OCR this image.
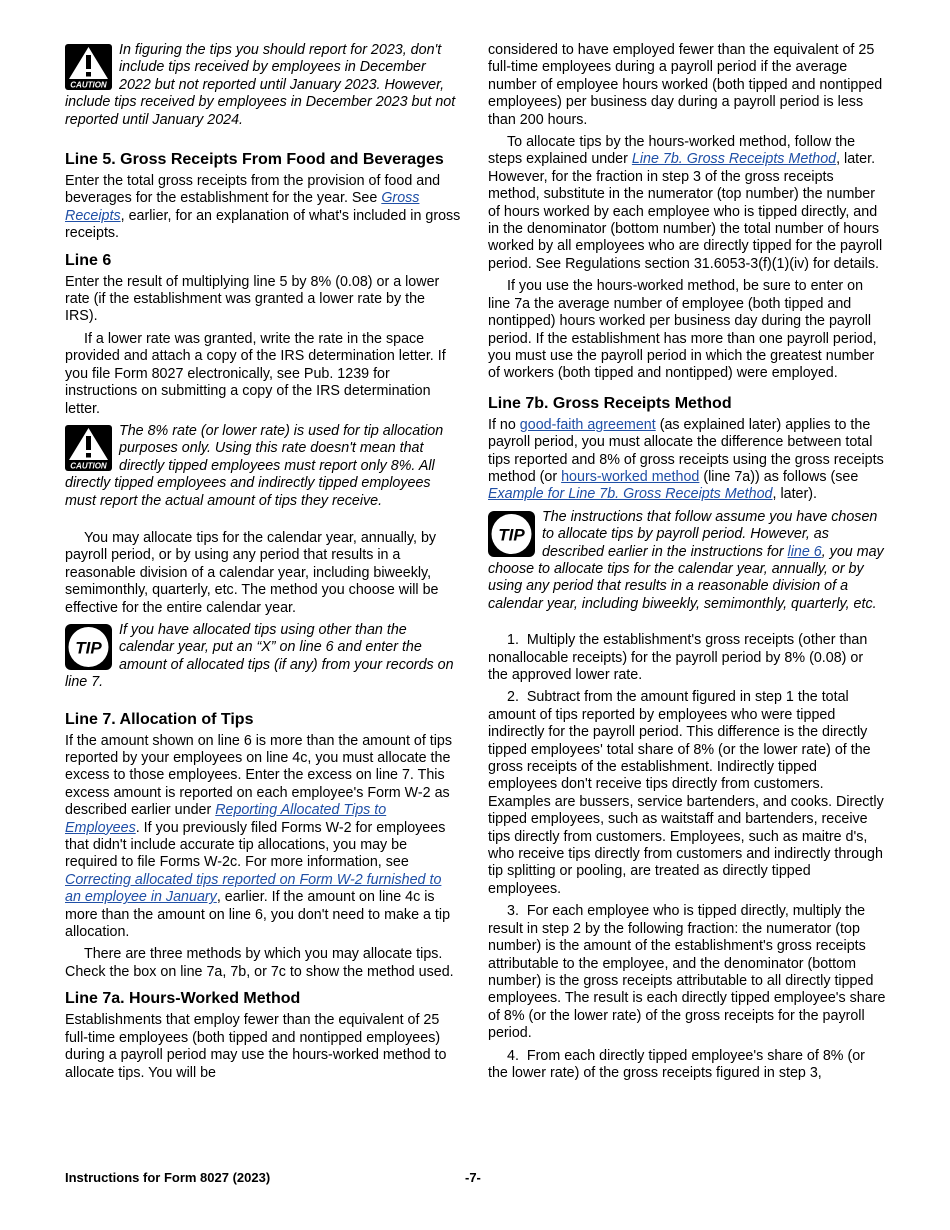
CAUTION
In figuring the tips you should report for 2023, don't include tips received by employees in December 2022 but not reported until January 2023. However, include tips received by employees in December 2023 but not reported until January 2024.
Line 5. Gross Receipts From Food and Beverages

Enter the total gross receipts from the provision of food and beverages for the establishment for the year. See Gross Receipts, earlier, for an explanation of what's included in gross receipts.

Line 6

Enter the result of multiplying line 5 by 8% (0.08) or a lower rate (if the establishment was granted a lower rate by the IRS).

If a lower rate was granted, write the rate in the space provided and attach a copy of the IRS determination letter. If you file Form 8027 electronically, see Pub. 1239 for instructions on submitting a copy of the IRS determination letter.

CAUTION
The 8% rate (or lower rate) is used for tip allocation purposes only. Using this rate doesn't mean that directly tipped employees must report only 8%. All directly tipped employees and indirectly tipped employees must report the actual amount of tips they receive.

You may allocate tips for the calendar year, annually, by payroll period, or by using any period that results in a reasonable division of a calendar year, including biweekly, semimonthly, quarterly, etc. The method you choose will be effective for the entire calendar year.

TIP
If you have allocated tips using other than the calendar year, put an “X” on line 6 and enter the amount of allocated tips (if any) from your records on line 7.
Line 7. Allocation of Tips

If the amount shown on line 6 is more than the amount of tips reported by your employees on line 4c, you must allocate the excess to those employees. Enter the excess on line 7. This excess amount is reported on each employee's Form W-2 as described earlier under Reporting Allocated Tips to Employees. If you previously filed Forms W-2 for employees that didn't include accurate tip allocations, you may be required to file Forms W-2c. For more information, see Correcting allocated tips reported on Form W-2 furnished to an employee in January, earlier. If the amount on line 4c is more than the amount on line 6, you don't need to make a tip allocation.

There are three methods by which you may allocate tips. Check the box on line 7a, 7b, or 7c to show the method used.

Line 7a. Hours-Worked Method

Establishments that employ fewer than the equivalent of 25 full-time employees (both tipped and nontipped employees) during a payroll period may use the hours-worked method to allocate tips. You will be

considered to have employed fewer than the equivalent of 25 full-time employees during a payroll period if the average number of employee hours worked (both tipped and nontipped employees) per business day during a payroll period is less than 200 hours.

To allocate tips by the hours-worked method, follow the steps explained under Line 7b. Gross Receipts Method, later. However, for the fraction in step 3 of the gross receipts method, substitute in the numerator (top number) the number of hours worked by each employee who is tipped directly, and in the denominator (bottom number) the total number of hours worked by all employees who are directly tipped for the payroll period. See Regulations section 31.6053-3(f)(1)(iv) for details.

If you use the hours-worked method, be sure to enter on line 7a the average number of employee (both tipped and nontipped) hours worked per business day during the payroll period. If the establishment has more than one payroll period, you must use the payroll period in which the greatest number of workers (both tipped and nontipped) were employed.

Line 7b. Gross Receipts Method

If no good-faith agreement (as explained later) applies to the payroll period, you must allocate the difference between total tips reported and 8% of gross receipts using the gross receipts method (or hours-worked method (line 7a)) as follows (see Example for Line 7b. Gross Receipts Method, later).

TIP
The instructions that follow assume you have chosen to allocate tips by payroll period. However, as described earlier in the instructions for line 6, you may choose to allocate tips for the calendar year, annually, or by using any period that results in a reasonable division of a calendar year, including biweekly, semimonthly, quarterly, etc.
1.  Multiply the establishment's gross receipts (other than nonallocable receipts) for the payroll period by 8% (0.08) or the approved lower rate.
2.  Subtract from the amount figured in step 1 the total amount of tips reported by employees who were tipped indirectly for the payroll period. This difference is the directly tipped employees' total share of 8% (or the lower rate) of the gross receipts of the establishment. Indirectly tipped employees don't receive tips directly from customers. Examples are bussers, service bartenders, and cooks. Directly tipped employees, such as waitstaff and bartenders, receive tips directly from customers. Employees, such as maitre d's, who receive tips directly from customers and indirectly through tip splitting or pooling, are treated as directly tipped employees.
3.  For each employee who is tipped directly, multiply the result in step 2 by the following fraction: the numerator (top number) is the amount of the establishment's gross receipts attributable to the employee, and the denominator (bottom number) is the gross receipts attributable to all directly tipped employees. The result is each directly tipped employee's share of 8% (or the lower rate) of the gross receipts for the payroll period.
4.  From each directly tipped employee's share of 8% (or the lower rate) of the gross receipts figured in step 3,
Instructions for Form 8027 (2023)	-7-
